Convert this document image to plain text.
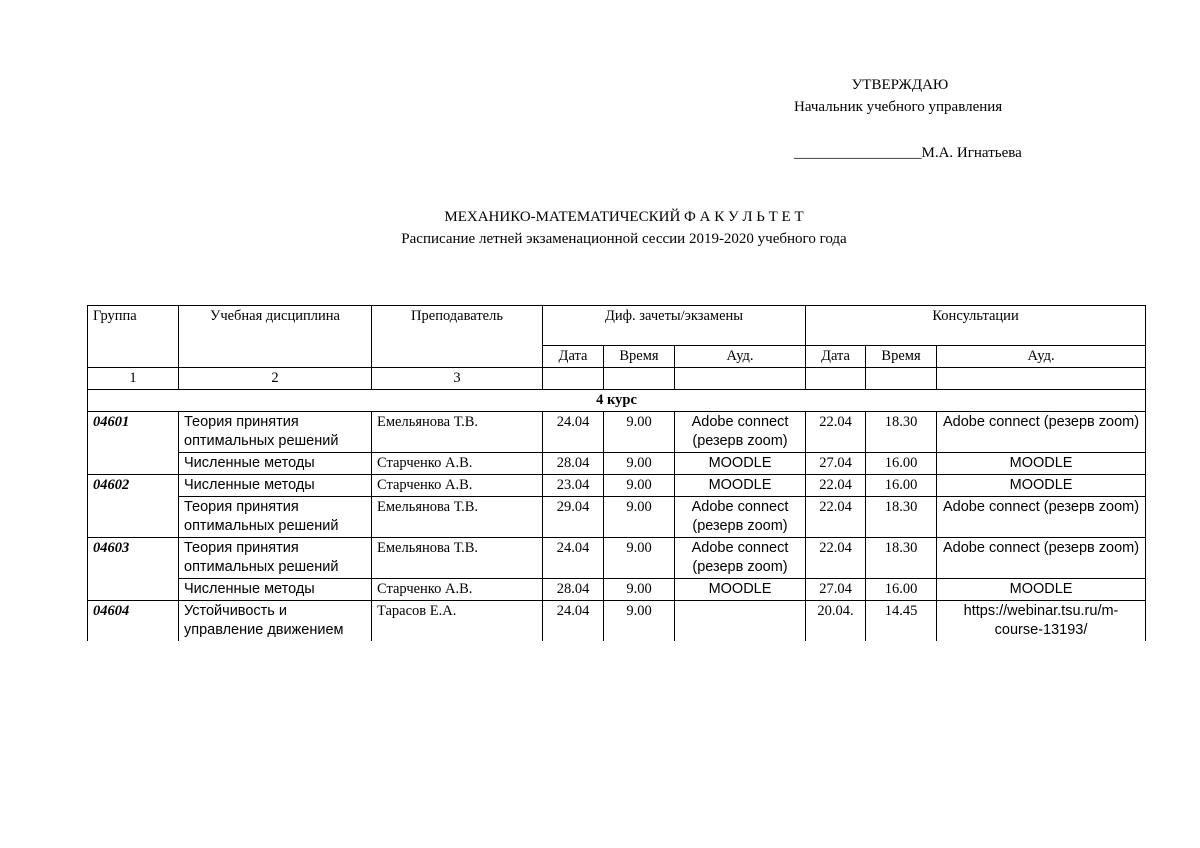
УТВЕРЖДАЮ
Начальник учебного управления
_________________М.А. Игнатьева
МЕХАНИКО-МАТЕМАТИЧЕСКИЙ Ф А К У Л Ь Т Е Т
Расписание летней экзаменационной сессии 2019-2020 учебного года
Группа	Учебная дисциплина	Преподаватель	Диф. зачеты/экзамены			Консультации		
			Дата	Время	Ауд.	Дата	Время	Ауд.
1	2	3						
4 курс								
04601	Теория принятия оптимальных решений	Емельянова Т.В.	24.04	9.00	Adobe connect (резерв zoom)	22.04	18.30	Adobe connect (резерв zoom)
	Численные методы	Старченко А.В.	28.04	9.00	MOODLE	27.04	16.00	MOODLE
04602	Численные методы	Старченко А.В.	23.04	9.00	MOODLE	22.04	16.00	MOODLE
	Теория принятия оптимальных решений	Емельянова Т.В.	29.04	9.00	Adobe connect (резерв zoom)	22.04	18.30	Adobe connect (резерв zoom)
04603	Теория принятия оптимальных решений	Емельянова Т.В.	24.04	9.00	Adobe connect (резерв zoom)	22.04	18.30	Adobe connect (резерв zoom)
	Численные методы	Старченко А.В.	28.04	9.00	MOODLE	27.04	16.00	MOODLE
04604	Устойчивость и управление движением	Тарасов Е.А.	24.04	9.00		20.04.	14.45	https://webinar.tsu.ru/m-course-13193/
